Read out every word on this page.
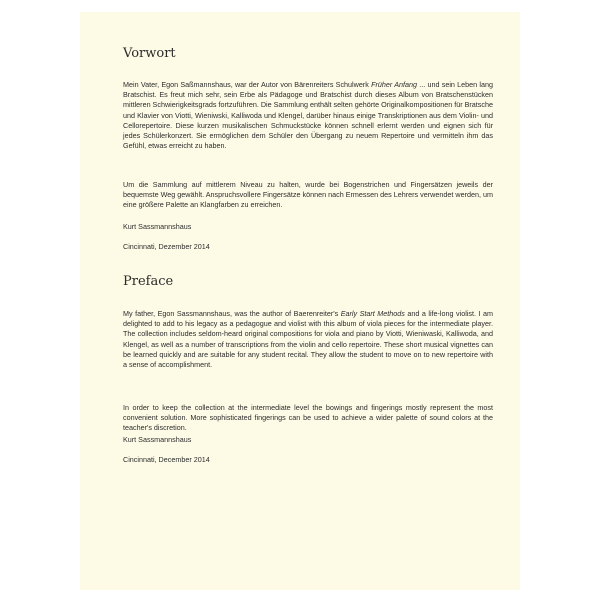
Vorwort

Mein Vater, Egon Saßmannshaus, war der Autor von Bärenreiters Schulwerk Früher Anfang ... und sein Leben lang Bratschist. Es freut mich sehr, sein Erbe als Pädagoge und Bratschist durch dieses Album von Bratschenstücken mittleren Schwierigkeitsgrads fortzuführen. Die Sammlung enthält selten gehörte Originalkompositionen für Bratsche und Klavier von Viotti, Wieniwski, Kalliwoda und Klengel, darüber hinaus einige Transkriptionen aus dem Violin- und Cellorepertoire. Diese kurzen musikalischen Schmuckstücke können schnell erlernt werden und eignen sich für jedes Schülerkonzert. Sie ermöglichen dem Schüler den Übergang zu neuem Repertoire und vermitteln ihm das Gefühl, etwas erreicht zu haben.

Um die Sammlung auf mittlerem Niveau zu halten, wurde bei Bogenstrichen und Fingersätzen jeweils der bequemste Weg gewählt. Anspruchsvollere Fingersätze können nach Ermessen des Lehrers verwendet werden, um eine größere Palette an Klangfarben zu erreichen.

Kurt Sassmannshaus

Cincinnati, Dezember 2014

Preface

My father, Egon Sassmannshaus, was the author of Baerenreiter's Early Start Methods and a life-long violist. I am delighted to add to his legacy as a pedagogue and violist with this album of viola pieces for the intermediate player. The collection includes seldom-heard original compositions for viola and piano by Viotti, Wieniwaski, Kalliwoda, and Klengel, as well as a number of transcriptions from the violin and cello repertoire. These short musical vignettes can be learned quickly and are suitable for any student recital. They allow the student to move on to new repertoire with a sense of accomplishment.

In order to keep the collection at the intermediate level the bowings and fingerings mostly represent the most convenient solution. More sophisticated fingerings can be used to achieve a wider palette of sound colors at the teacher's discretion.

Kurt Sassmannshaus

Cincinnati, December 2014
